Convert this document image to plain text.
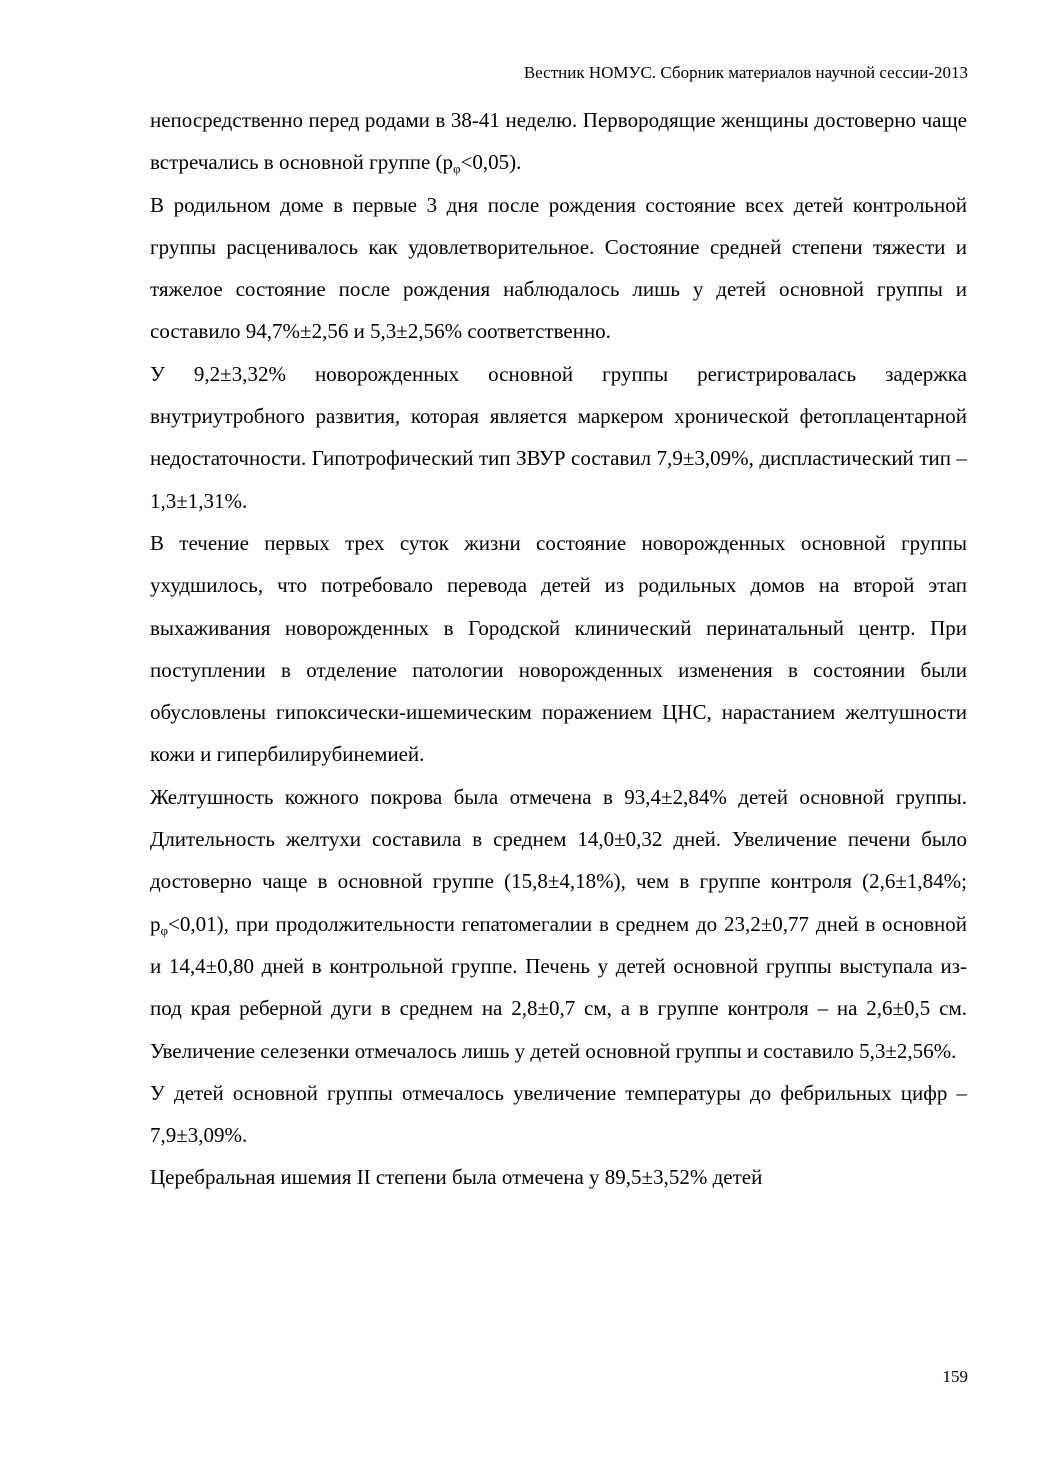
Вестник НОМУС. Сборник материалов научной сессии-2013

непосредственно перед родами в 38-41 неделю. Первородящие женщины достоверно чаще встречались в основной группе $(p_\varphi<0,05)$.

В родильном доме в первые 3 дня после рождения состояние всех детей контрольной группы расценивалось как удовлетворительное. Состояние средней степени тяжести и тяжелое состояние после рождения наблюдалось лишь у детей основной группы и составило 94,7%±2,56 и 5,3±2,56% соответственно.

У 9,2±3,32% новорожденных основной группы регистрировалась задержка внутриутробного развития, которая является маркером хронической фетоплацентарной недостаточности. Гипотрофический тип ЗВУР составил 7,9±3,09%, диспластический тип – 1,3±1,31%.

В течение первых трех суток жизни состояние новорожденных основной группы ухудшилось, что потребовало перевода детей из родильных домов на второй этап выхаживания новорожденных в Городской клинический перинатальный центр. При поступлении в отделение патологии новорожденных изменения в состоянии были обусловлены гипоксически-ишемическим поражением ЦНС, нарастанием желтушности кожи и гипербилирубинемией.

Желтушность кожного покрова была отмечена в 93,4±2,84% детей основной группы. Длительность желтухи составила в среднем 14,0±0,32 дней. Увеличение печени было достоверно чаще в основной группе (15,8±4,18%), чем в группе контроля (2,6±1,84%; $p_\varphi<0,01$), при продолжительности гепатомегалии в среднем до 23,2±0,77 дней в основной и 14,4±0,80 дней в контрольной группе. Печень у детей основной группы выступала из-под края реберной дуги в среднем на 2,8±0,7 см, а в группе контроля – на 2,6±0,5 см. Увеличение селезенки отмечалось лишь у детей основной группы и составило 5,3±2,56%.

У детей основной группы отмечалось увеличение температуры до фебрильных цифр – 7,9±3,09%.

Церебральная ишемия II степени была отмечена у 89,5±3,52% детей

159
